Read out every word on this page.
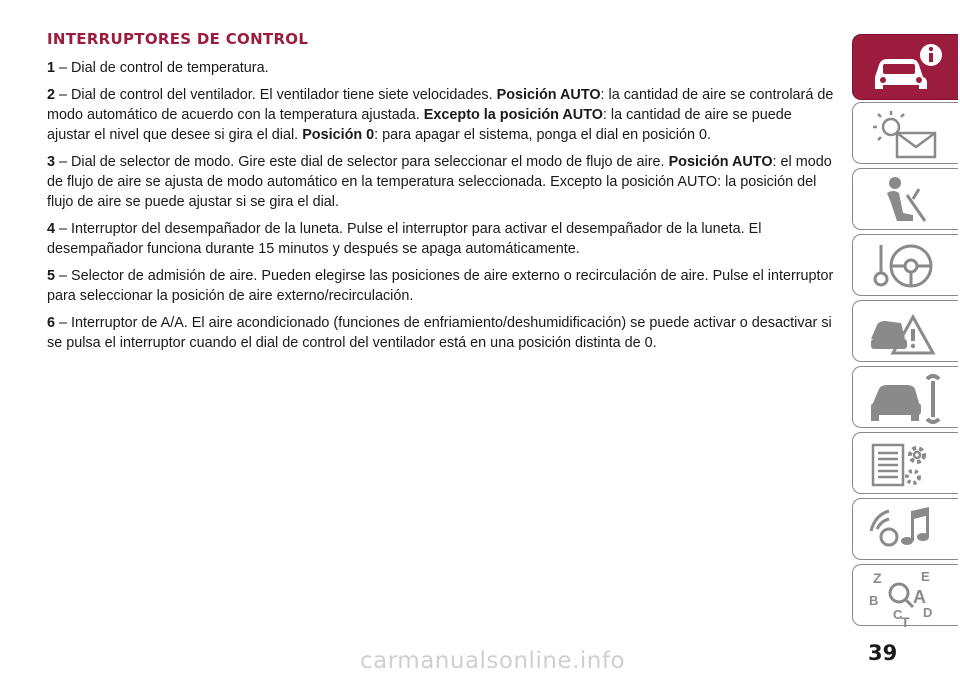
INTERRUPTORES DE CONTROL
1 – Dial de control de temperatura.
2 – Dial de control del ventilador. El ventilador tiene siete velocidades. Posición AUTO: la cantidad de aire se controlará de modo automático de acuerdo con la temperatura ajustada. Excepto la posición AUTO: la cantidad de aire se puede ajustar el nivel que desee si gira el dial. Posición 0: para apagar el sistema, ponga el dial en posición 0.
3 – Dial de selector de modo. Gire este dial de selector para seleccionar el modo de flujo de aire. Posición AUTO: el modo de flujo de aire se ajusta de modo automático en la temperatura seleccionada. Excepto la posición AUTO: la posición del flujo de aire se puede ajustar si se gira el dial.
4 – Interruptor del desempañador de la luneta. Pulse el interruptor para activar el desempañador de la luneta. El desempañador funciona durante 15 minutos y después se apaga automáticamente.
5 – Selector de admisión de aire. Pueden elegirse las posiciones de aire externo o recirculación de aire. Pulse el interruptor para seleccionar la posición de aire externo/recirculación.
6 – Interruptor de A/A. El aire acondicionado (funciones de enfriamiento/deshumidificación) se puede activar o desactivar si se pulsa el interruptor cuando el dial de control del ventilador está en una posición distinta de 0.
Z	E
B A
C D
T
39
carmanualsonline.info
